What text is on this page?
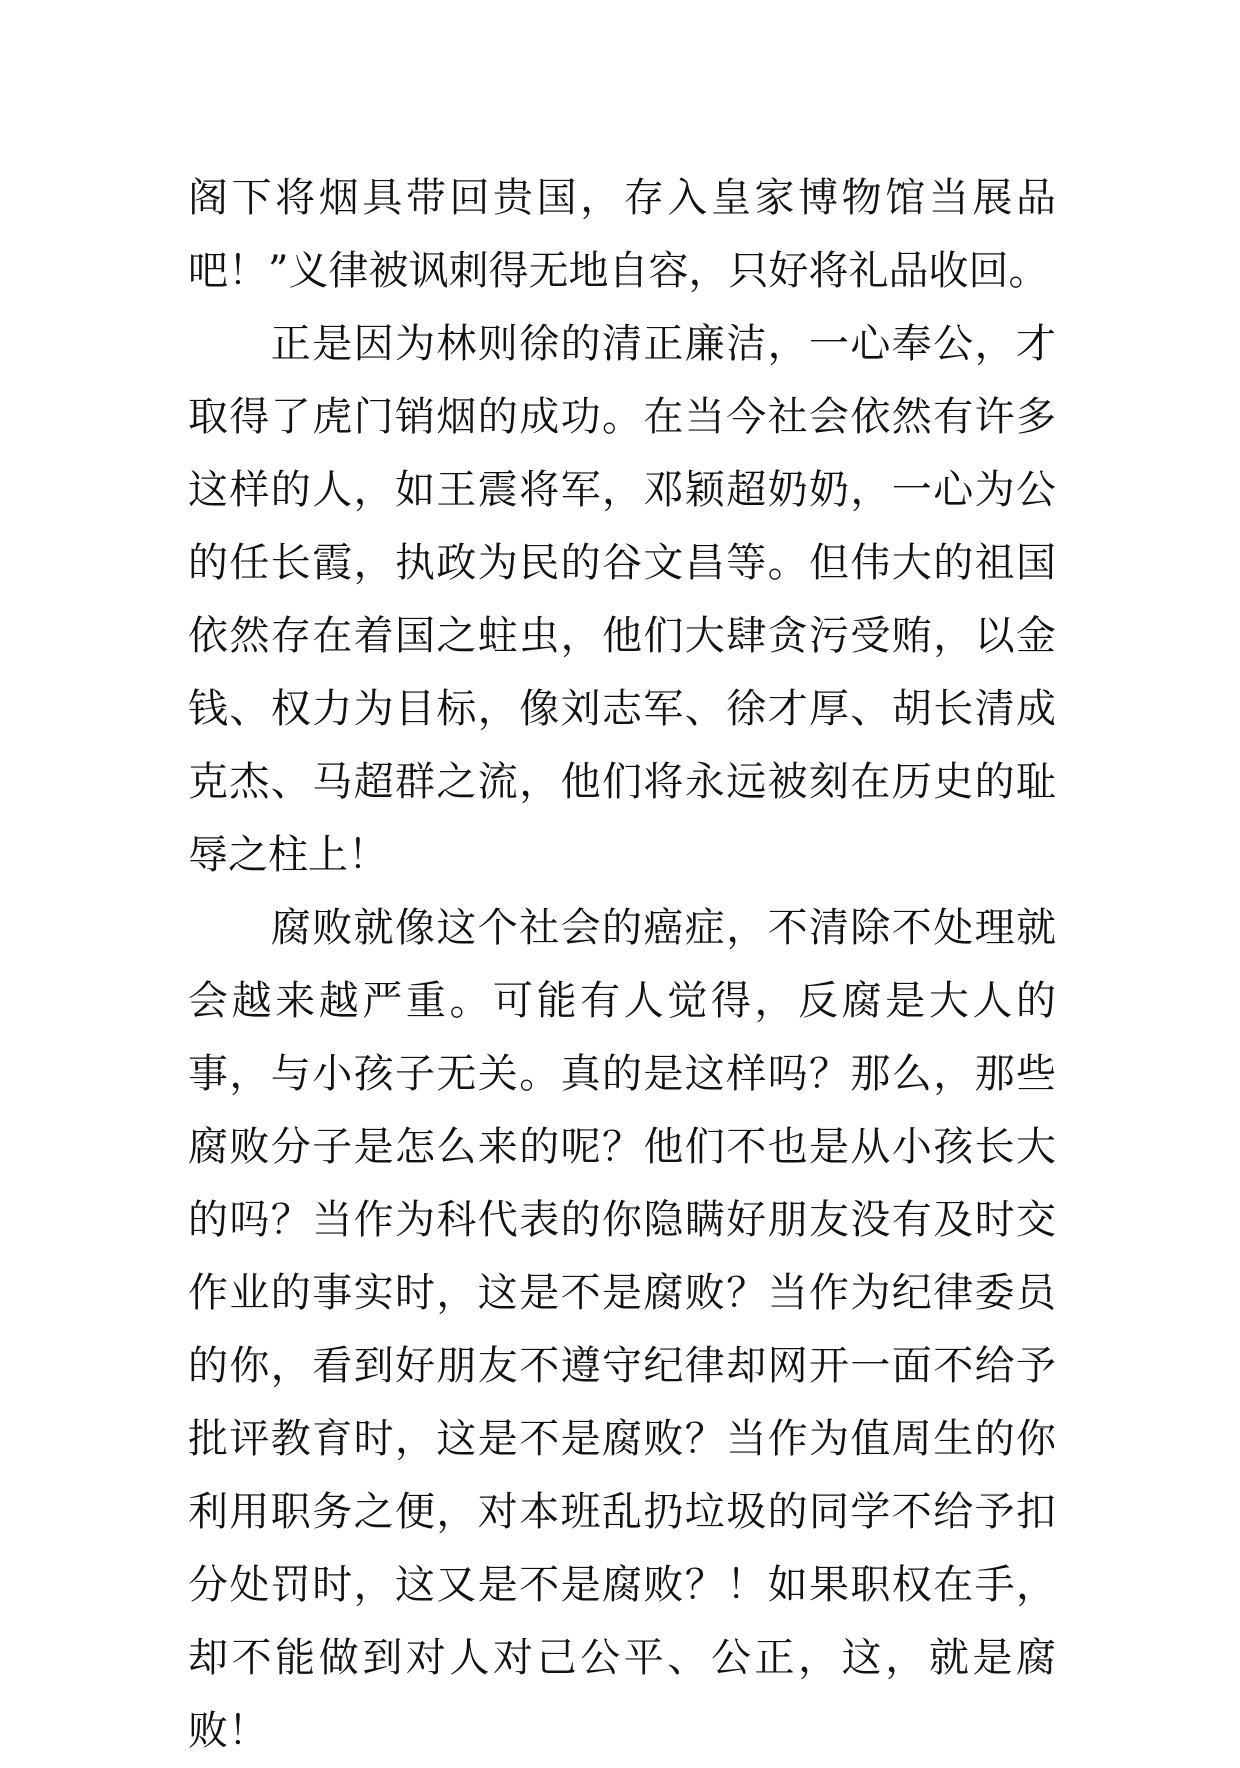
阁下将烟具带回贵国，存入皇家博物馆当展品吧！”义律被讽刺得无地自容，只好将礼品收回。

　　正是因为林则徐的清正廉洁，一心奉公，才取得了虎门销烟的成功。在当今社会依然有许多这样的人，如王震将军，邓颖超奶奶，一心为公的任长霞，执政为民的谷文昌等。但伟大的祖国依然存在着国之蛀虫，他们大肆贪污受贿，以金钱、权力为目标，像刘志军、徐才厚、胡长清成克杰、马超群之流，他们将永远被刻在历史的耻辱之柱上！

　　腐败就像这个社会的癌症，不清除不处理就会越来越严重。可能有人觉得，反腐是大人的事，与小孩子无关。真的是这样吗？那么，那些腐败分子是怎么来的呢？他们不也是从小孩长大的吗？当作为科代表的你隐瞒好朋友没有及时交作业的事实时，这是不是腐败？当作为纪律委员的你，看到好朋友不遵守纪律却网开一面不给予批评教育时，这是不是腐败？当作为值周生的你利用职务之便，对本班乱扔垃圾的同学不给予扣分处罚时，这又是不是腐败？！如果职权在手，却不能做到对人对己公平、公正，这，就是腐败！
